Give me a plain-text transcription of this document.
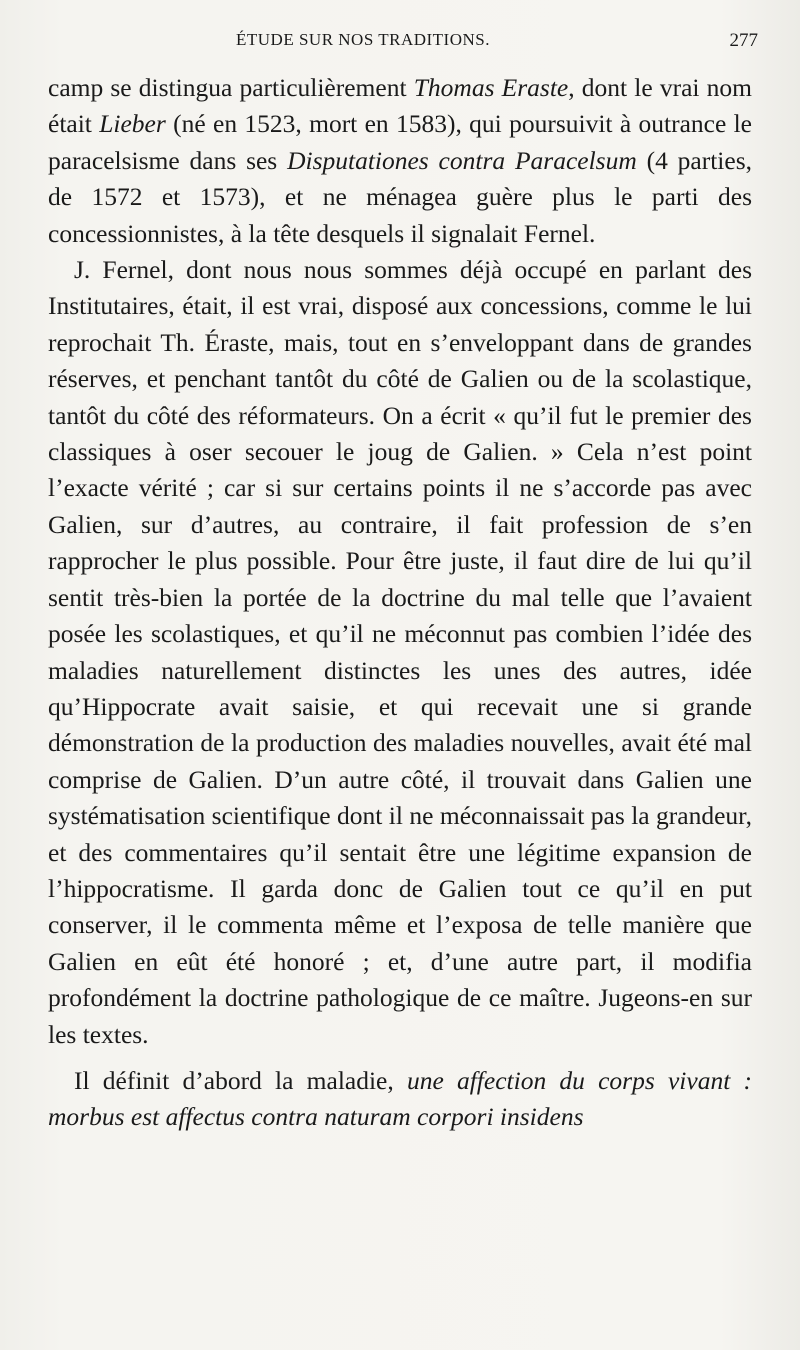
ÉTUDE SUR NOS TRADITIONS.	277

camp se distingua particulièrement Thomas Eraste, dont le vrai nom était Lieber (né en 1523, mort en 1583), qui poursuivit à outrance le paracelsisme dans ses Disputationes contra Paracelsum (4 parties, de 1572 et 1573), et ne ménagea guère plus le parti des concessionnistes, à la tête desquels il signalait Fernel.

J. Fernel, dont nous nous sommes déjà occupé en parlant des Institutaires, était, il est vrai, disposé aux concessions, comme le lui reprochait Th. Éraste, mais, tout en s’enveloppant dans de grandes réserves, et penchant tantôt du côté de Galien ou de la scolastique, tantôt du côté des réformateurs. On a écrit « qu’il fut le premier des classiques à oser secouer le joug de Galien. » Cela n’est point l’exacte vérité ; car si sur certains points il ne s’accorde pas avec Galien, sur d’autres, au contraire, il fait profession de s’en rapprocher le plus possible. Pour être juste, il faut dire de lui qu’il sentit très-bien la portée de la doctrine du mal telle que l’avaient posée les scolastiques, et qu’il ne méconnut pas combien l’idée des maladies naturellement distinctes les unes des autres, idée qu’Hippocrate avait saisie, et qui recevait une si grande démonstration de la production des maladies nouvelles, avait été mal comprise de Galien. D’un autre côté, il trouvait dans Galien une systématisation scientifique dont il ne méconnaissait pas la grandeur, et des commentaires qu’il sentait être une légitime expansion de l’hippocratisme. Il garda donc de Galien tout ce qu’il en put conserver, il le commenta même et l’exposa de telle manière que Galien en eût été honoré ; et, d’une autre part, il modifia profondément la doctrine pathologique de ce maître. Jugeons-en sur les textes.

Il définit d’abord la maladie, une affection du corps vivant : morbus est affectus contra naturam corpori insidens
